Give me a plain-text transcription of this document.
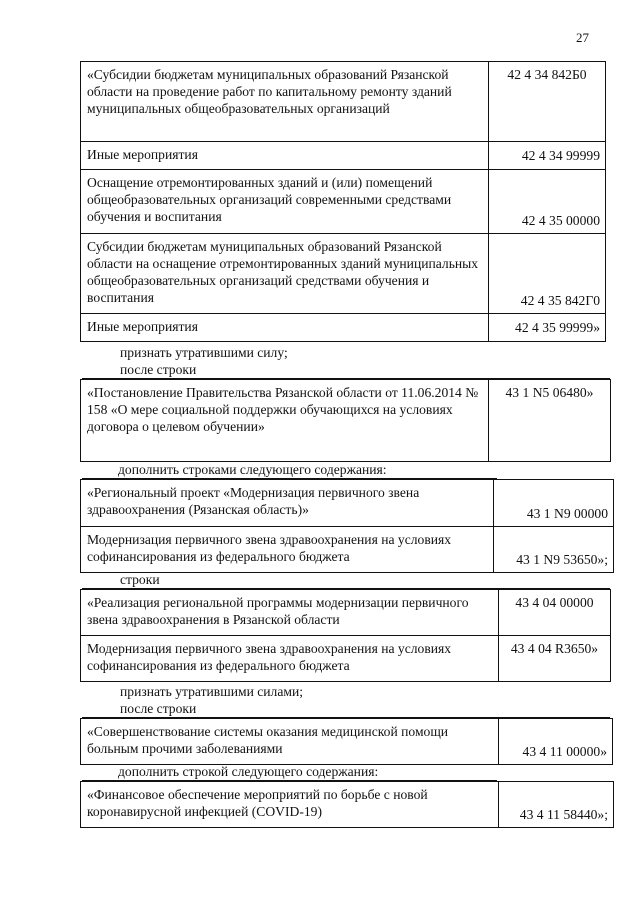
27
«Субсидии бюджетам муниципальных образований Рязанской области на проведение работ по капитальному ремонту зданий муниципальных общеобразовательных организаций	42 4 34 842Б0
Иные мероприятия	42 4 34 99999
Оснащение отремонтированных зданий и (или) помещений общеобразовательных организаций современными средствами обучения и воспитания	42 4 35 00000
Субсидии бюджетам муниципальных образований Рязанской области на оснащение отремонтированных зданий муниципальных общеобразовательных организаций средствами обучения и воспитания	42 4 35 842Г0
Иные мероприятия	42 4 35 99999»
признать утратившими силу;
после строки
«Постановление Правительства Рязанской области от 11.06.2014 № 158 «О мере социальной поддержки обучающихся на условиях договора о целевом обучении»	43 1 N5 06480»
дополнить строками следующего содержания:
«Региональный проект «Модернизация первичного звена здравоохранения (Рязанская область)»	43 1 N9 00000
Модернизация первичного звена здравоохранения на условиях софинансирования из федерального бюджета	43 1 N9 53650»;
строки
«Реализация региональной программы модернизации первичного звена здравоохранения в Рязанской области	43 4 04 00000
Модернизация первичного звена здравоохранения на условиях софинансирования из федерального бюджета	43 4 04 R3650»
признать утратившими силами;
после строки
«Совершенствование системы оказания медицинской помощи больным прочими заболеваниями	43 4 11 00000»
дополнить строкой следующего содержания:
«Финансовое обеспечение мероприятий по борьбе с новой коронавирусной инфекцией (COVID-19)	43 4 11 58440»;
